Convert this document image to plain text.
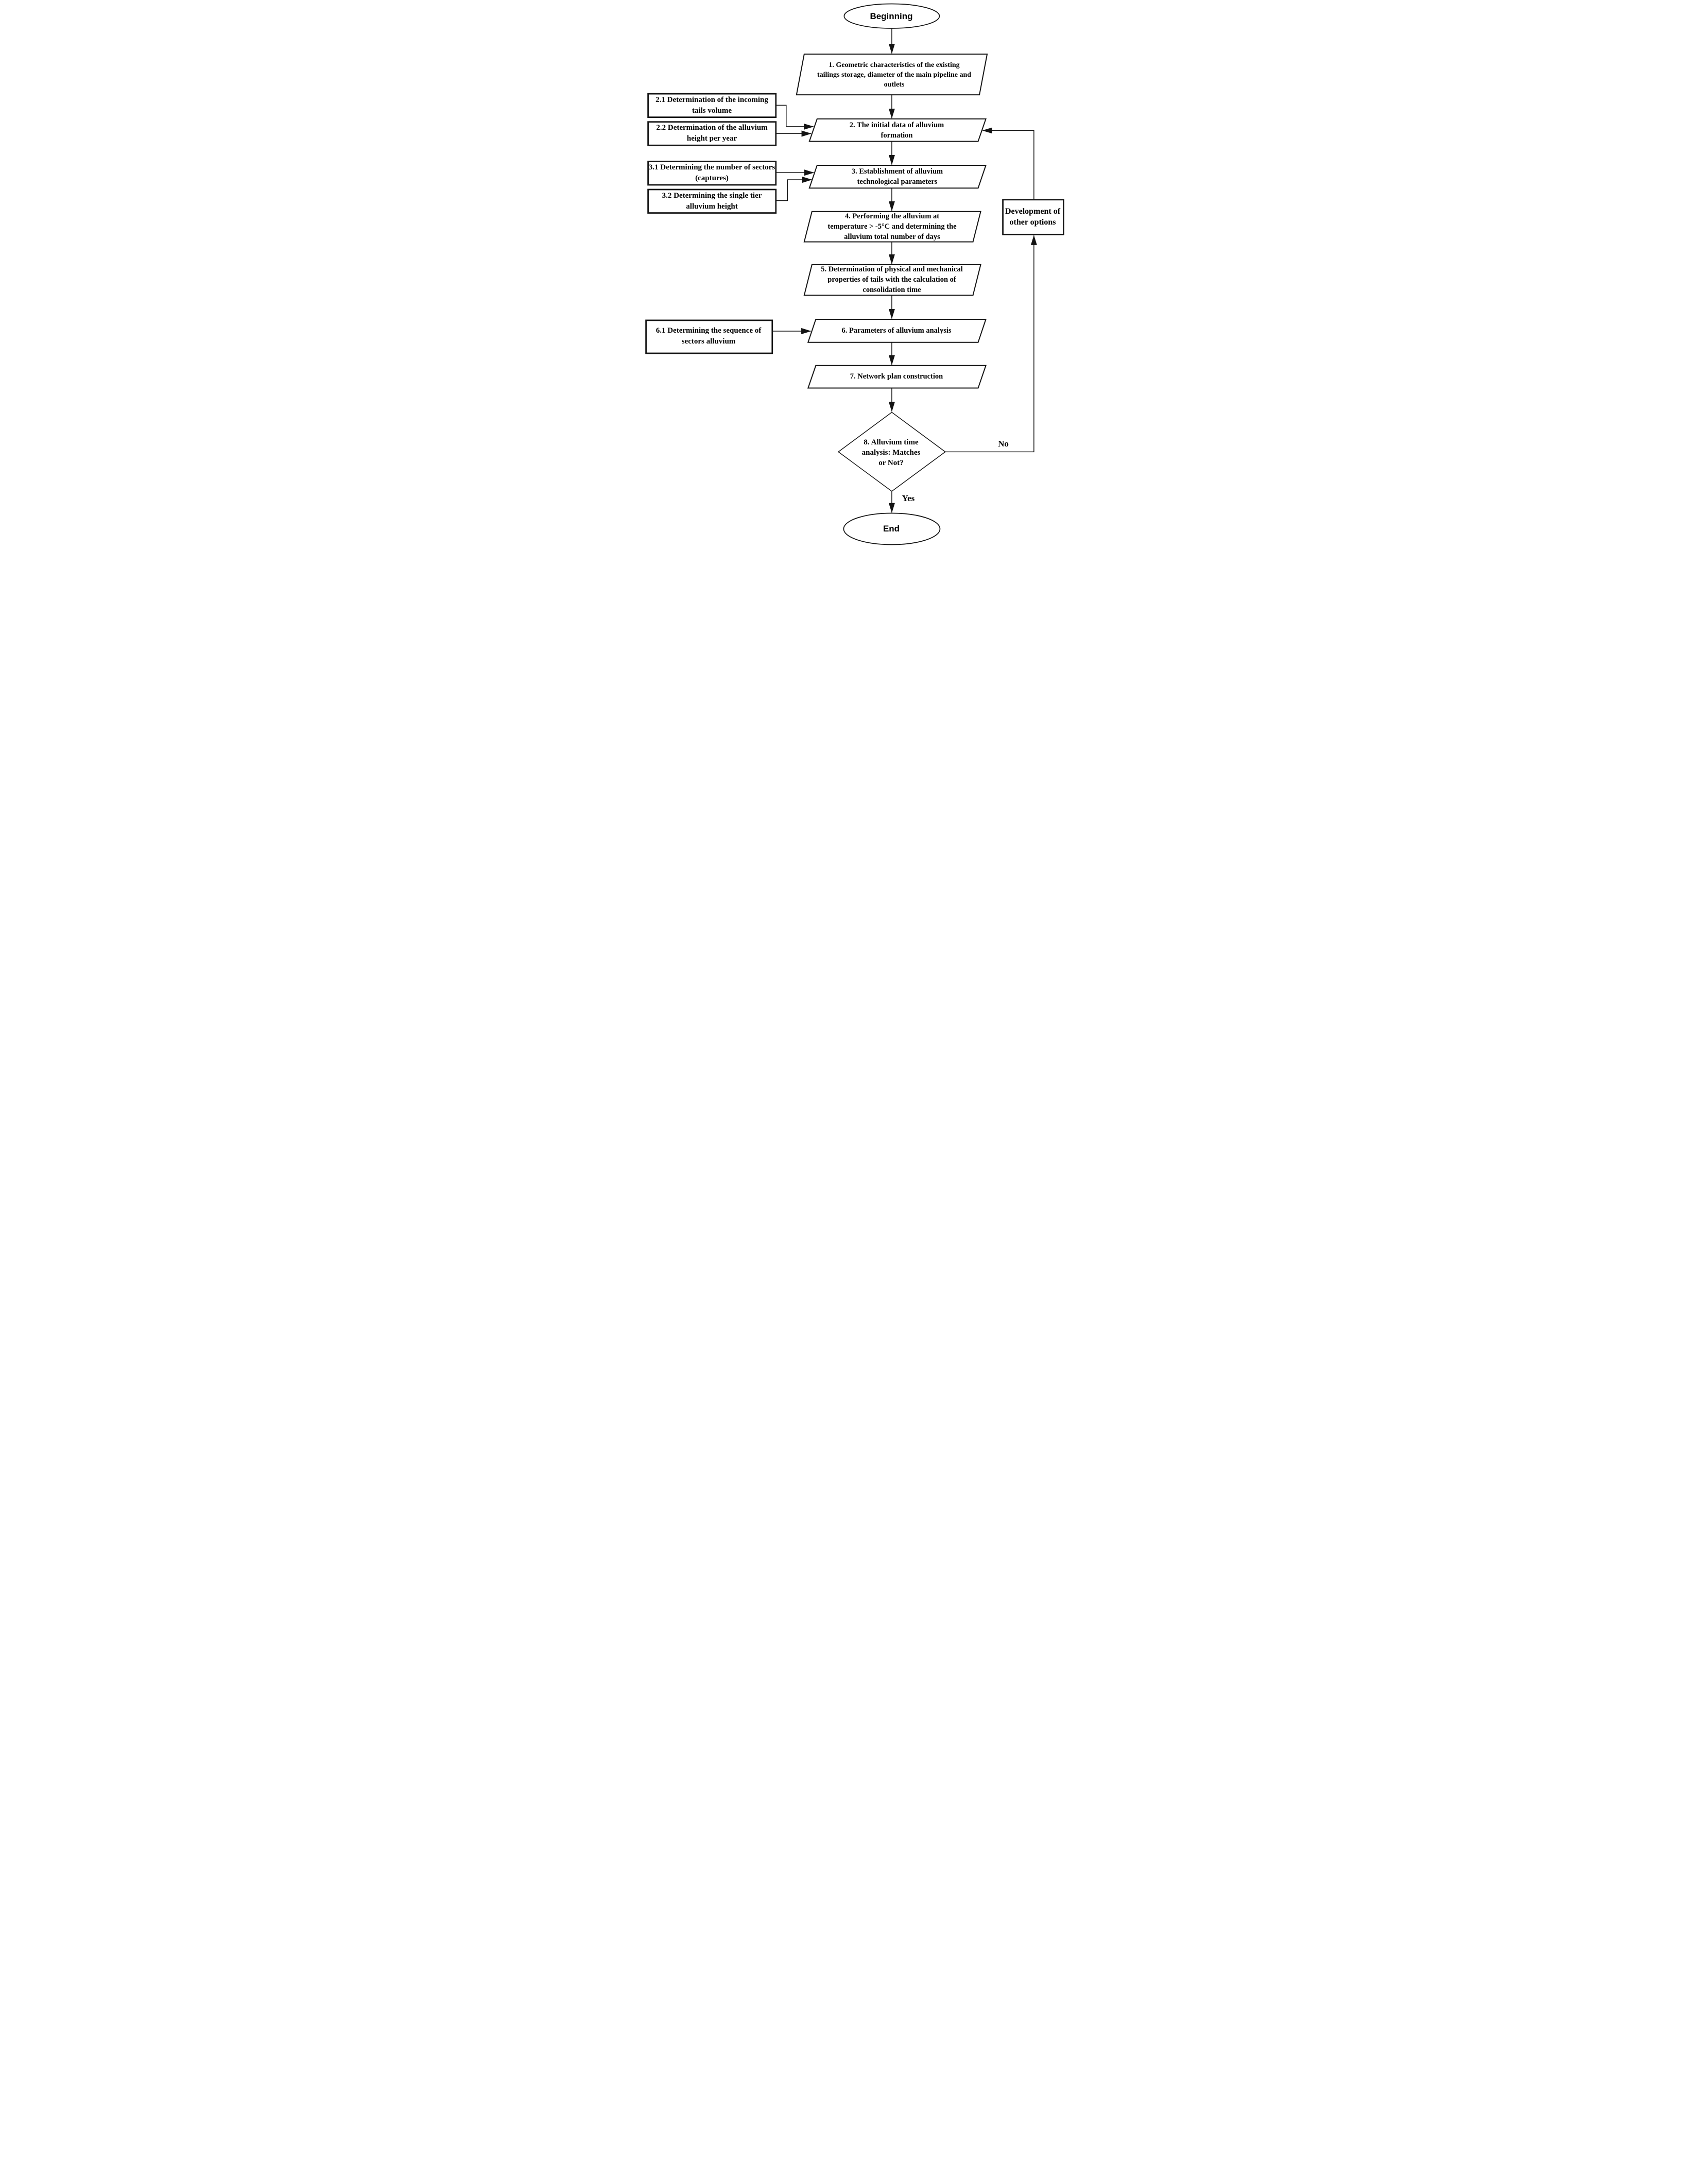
Beginning
1. Geometric characteristics of the existing tailings storage, diameter of the main pipeline and outlets
2.1 Determination of the incoming tails volume
2.2 Determination of the alluvium height per year
2. The initial data of alluvium formation
3.1 Determining the number of sectors (captures)
3.2 Determining the single tier alluvium height
3. Establishment of alluvium technological parameters
4. Performing the alluvium at temperature > -5°C and determining the alluvium total number of days
Development of other options
5. Determination of physical and mechanical properties of tails with the calculation of consolidation time
6.1 Determining the sequence of sectors alluvium
6. Parameters of alluvium analysis
7. Network plan construction
8. Alluvium time analysis: Matches or Not?
No
Yes
End
